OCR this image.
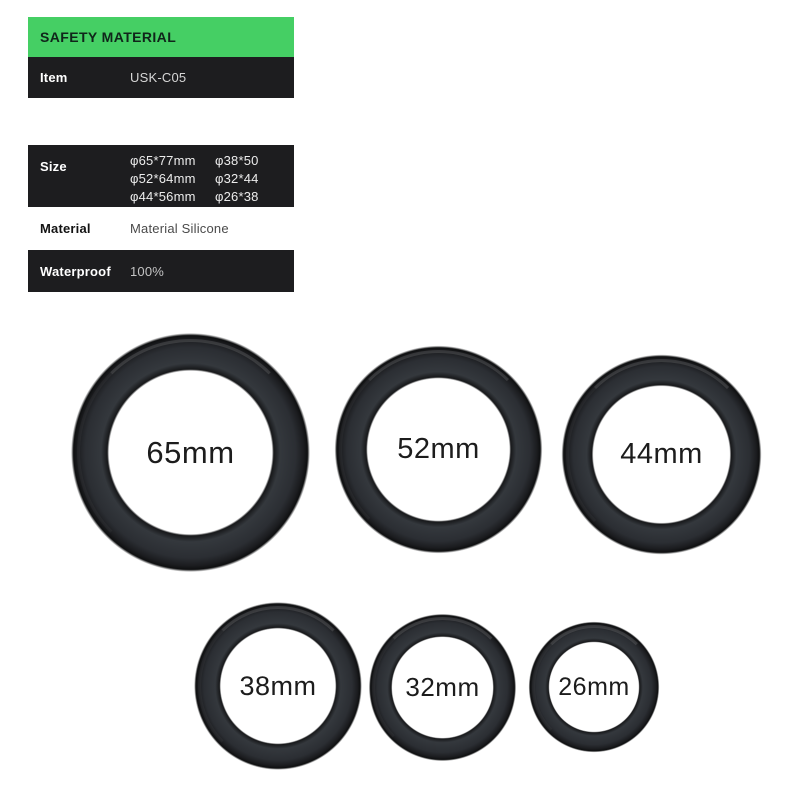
SAFETY MATERIAL
Item	USK-C05
Size	φ65*77mm	φ38*50
φ52*64mm	φ32*44
φ44*56mm	φ26*38
Material	Material Silicone
Waterproof	100%
65mm	52mm	44mm
38mm	32mm	26mm
